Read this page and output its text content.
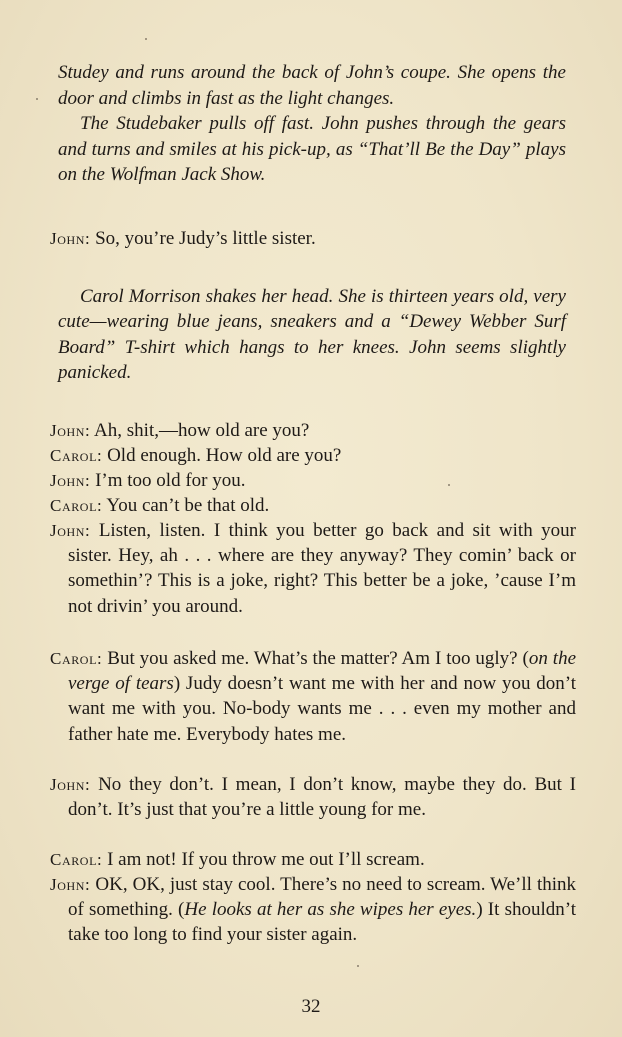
Studey and runs around the back of John’s coupe. She opens the door and climbs in fast as the light changes.

The Studebaker pulls off fast. John pushes through the gears and turns and smiles at his pick-up, as “That’ll Be the Day” plays on the Wolfman Jack Show.

John: So, you’re Judy’s little sister.

Carol Morrison shakes her head. She is thirteen years old, very cute—wearing blue jeans, sneakers and a “Dewey Webber Surf Board” T-shirt which hangs to her knees. John seems slightly panicked.

John: Ah, shit,—how old are you?

Carol: Old enough. How old are you?

John: I’m too old for you.

Carol: You can’t be that old.

John: Listen, listen. I think you better go back and sit with your sister. Hey, ah . . . where are they anyway? They comin’ back or somethin’? This is a joke, right? This better be a joke, ’cause I’m not drivin’ you around.

Carol: But you asked me. What’s the matter? Am I too ugly? (on the verge of tears) Judy doesn’t want me with her and now you don’t want me with you. No-body wants me . . . even my mother and father hate me. Everybody hates me.

John: No they don’t. I mean, I don’t know, maybe they do. But I don’t. It’s just that you’re a little young for me.

Carol: I am not! If you throw me out I’ll scream.

John: OK, OK, just stay cool. There’s no need to scream. We’ll think of something. (He looks at her as she wipes her eyes.) It shouldn’t take too long to find your sister again.

32
